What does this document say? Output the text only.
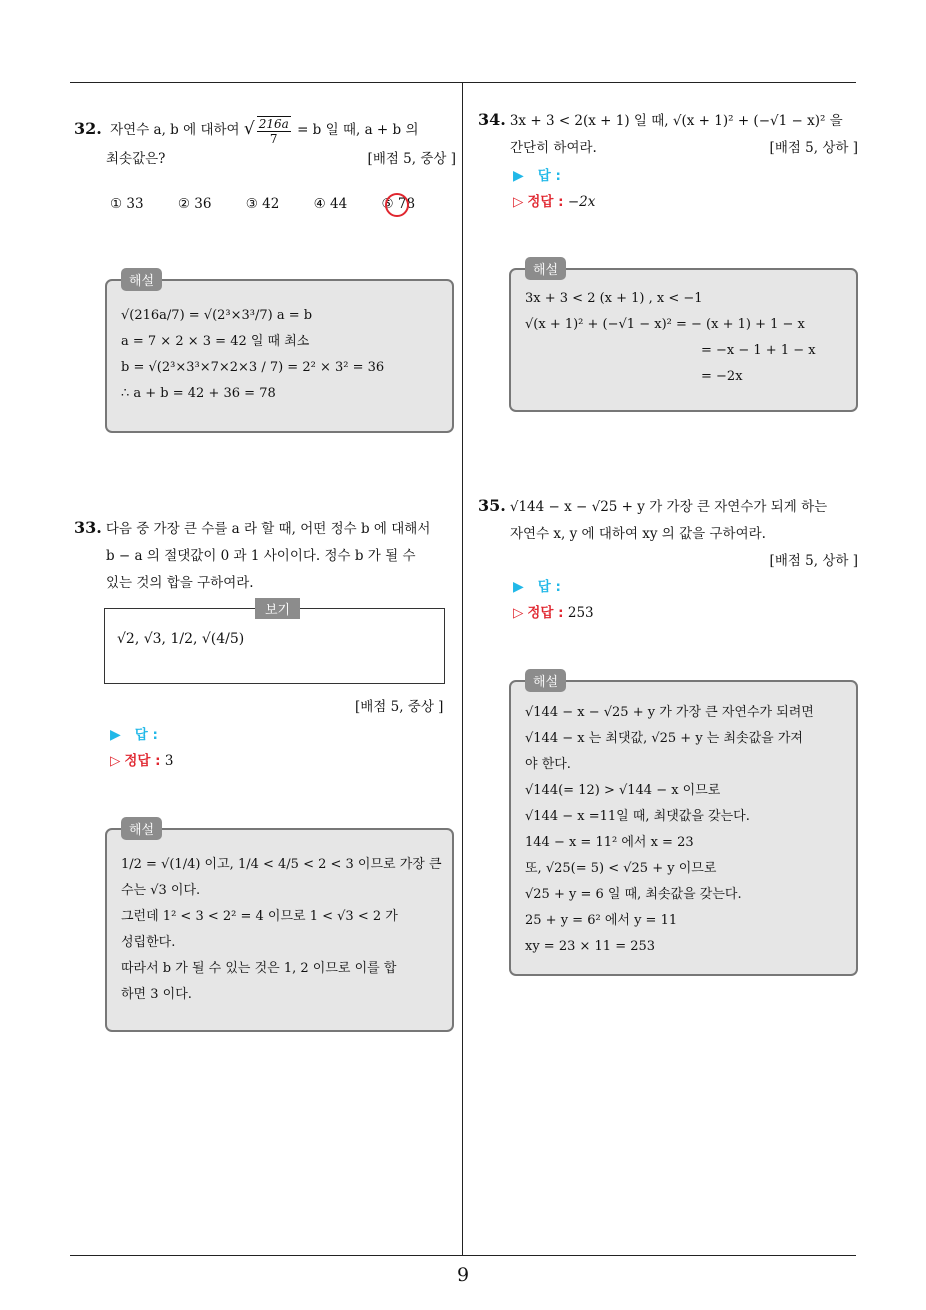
32. 자연수 a, b 에 대하여 √ $\frac{216a}{7} = b$ 일 때, a + b 의
최솟값은?	[배점 5, 중상 ]
① 33	② 36	③ 42	④ 44	⑤ 78
해설
√(216a/7) = √(2³×3³/7) a = b
a = 7 × 2 × 3 = 42 일 때 최소
b = √(2³×3³×7×2×3 / 7) = 2² × 3² = 36
∴ a + b = 42 + 36 = 78
33. 다음 중 가장 큰 수를 a 라 할 때, 어떤 정수 b 에 대해서
b − a 의 절댓값이 0 과 1 사이이다. 정수 b 가 될 수
있는 것의 합을 구하여라.
보기
√2, √3, 1/2, √(4/5)
[배점 5, 중상 ]
▶ 답 :
▷ 정답 : 3
해설
1/2 = √(1/4) 이고, 1/4 < 4/5 < 2 < 3 이므로 가장 큰
수는 √3 이다.
그런데 1² < 3 < 2² = 4 이므로 1 < √3 < 2 가
성립한다.
따라서 b 가 될 수 있는 것은 1, 2 이므로 이를 합
하면 3 이다.
34. 3x + 3 < 2(x + 1) 일 때, √(x + 1)² + (−√1 − x)² 을
간단히 하여라.	[배점 5, 상하 ]
▶ 답 :
▷ 정답 : −2x
해설
3x + 3 < 2 (x + 1) , x < −1
√(x + 1)² + (−√1 − x)² = − (x + 1) + 1 − x
= −x − 1 + 1 − x
= −2x
35. √144 − x − √25 + y 가 가장 큰 자연수가 되게 하는
자연수 x, y 에 대하여 xy 의 값을 구하여라.
[배점 5, 상하 ]
▶ 답 :
▷ 정답 : 253
해설
√144 − x − √25 + y 가 가장 큰 자연수가 되려면
√144 − x 는 최댓값, √25 + y 는 최솟값을 가져
야 한다.
√144(= 12) > √144 − x 이므로
√144 − x =11일 때, 최댓값을 갖는다.
144 − x = 11² 에서 x = 23
또, √25(= 5) < √25 + y 이므로
√25 + y = 6 일 때, 최솟값을 갖는다.
25 + y = 6² 에서 y = 11
xy = 23 × 11 = 253
9
